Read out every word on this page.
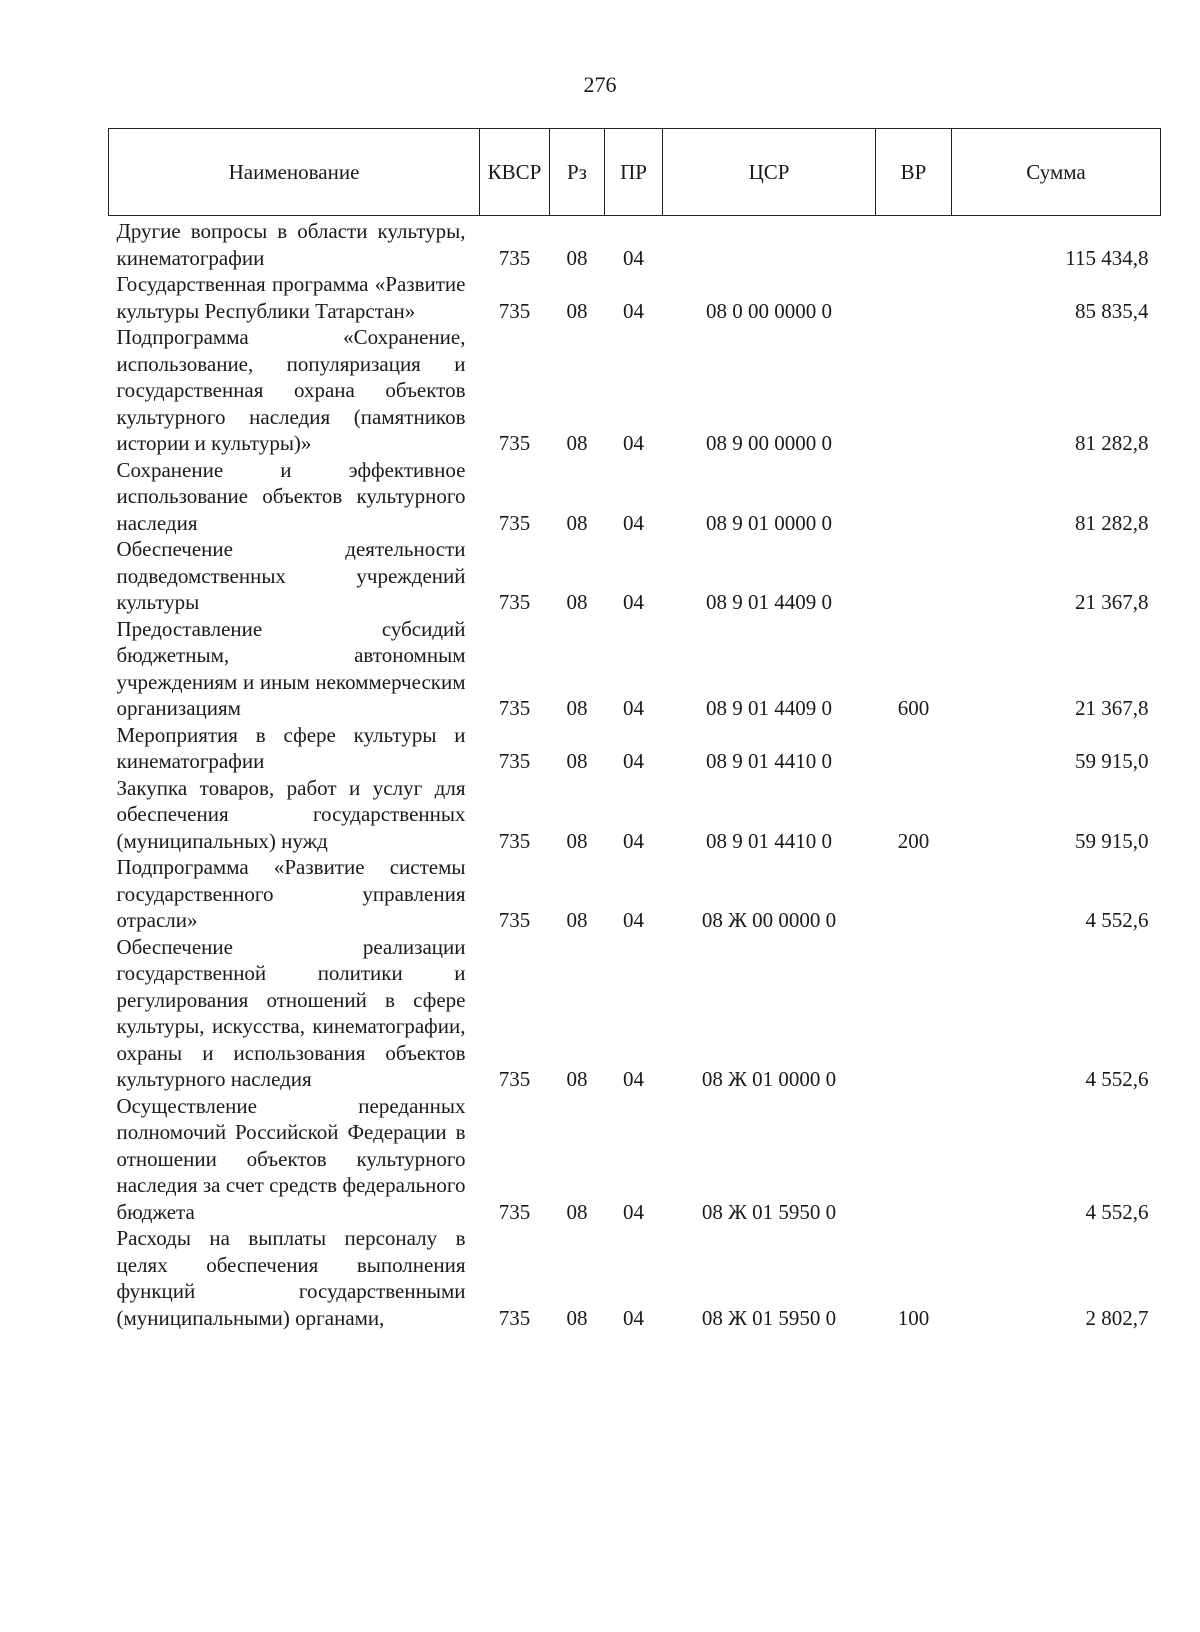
276
Наименование	КВСР	Рз	ПР	ЦСР	ВР	Сумма
Другие вопросы в области культуры, кинематографии	735	08	04			115 434,8
Государственная программа «Развитие культуры Республики Татарстан»	735	08	04	08 0 00 0000 0		85 835,4
Подпрограмма «Сохранение, использование, популяризация и государственная охрана объектов культурного наследия (памятников истории и культуры)»	735	08	04	08 9 00 0000 0		81 282,8
Сохранение и эффективное использование объектов культурного наследия	735	08	04	08 9 01 0000 0		81 282,8
Обеспечение деятельности подведомственных учреждений культуры	735	08	04	08 9 01 4409 0		21 367,8
Предоставление субсидий бюджетным, автономным учреждениям и иным некоммерческим организациям	735	08	04	08 9 01 4409 0	600	21 367,8
Мероприятия в сфере культуры и кинематографии	735	08	04	08 9 01 4410 0		59 915,0
Закупка товаров, работ и услуг для обеспечения государственных (муниципальных) нужд	735	08	04	08 9 01 4410 0	200	59 915,0
Подпрограмма «Развитие системы государственного управления отрасли»	735	08	04	08 Ж 00 0000 0		4 552,6
Обеспечение реализации государственной политики и регулирования отношений в сфере культуры, искусства, кинематографии, охраны и использования объектов культурного наследия	735	08	04	08 Ж 01 0000 0		4 552,6
Осуществление переданных полномочий Российской Федерации в отношении объектов культурного наследия за счет средств федерального бюджета	735	08	04	08 Ж 01 5950 0		4 552,6
Расходы на выплаты персоналу в целях обеспечения выполнения функций государственными (муниципальными) органами,	735	08	04	08 Ж 01 5950 0	100	2 802,7
